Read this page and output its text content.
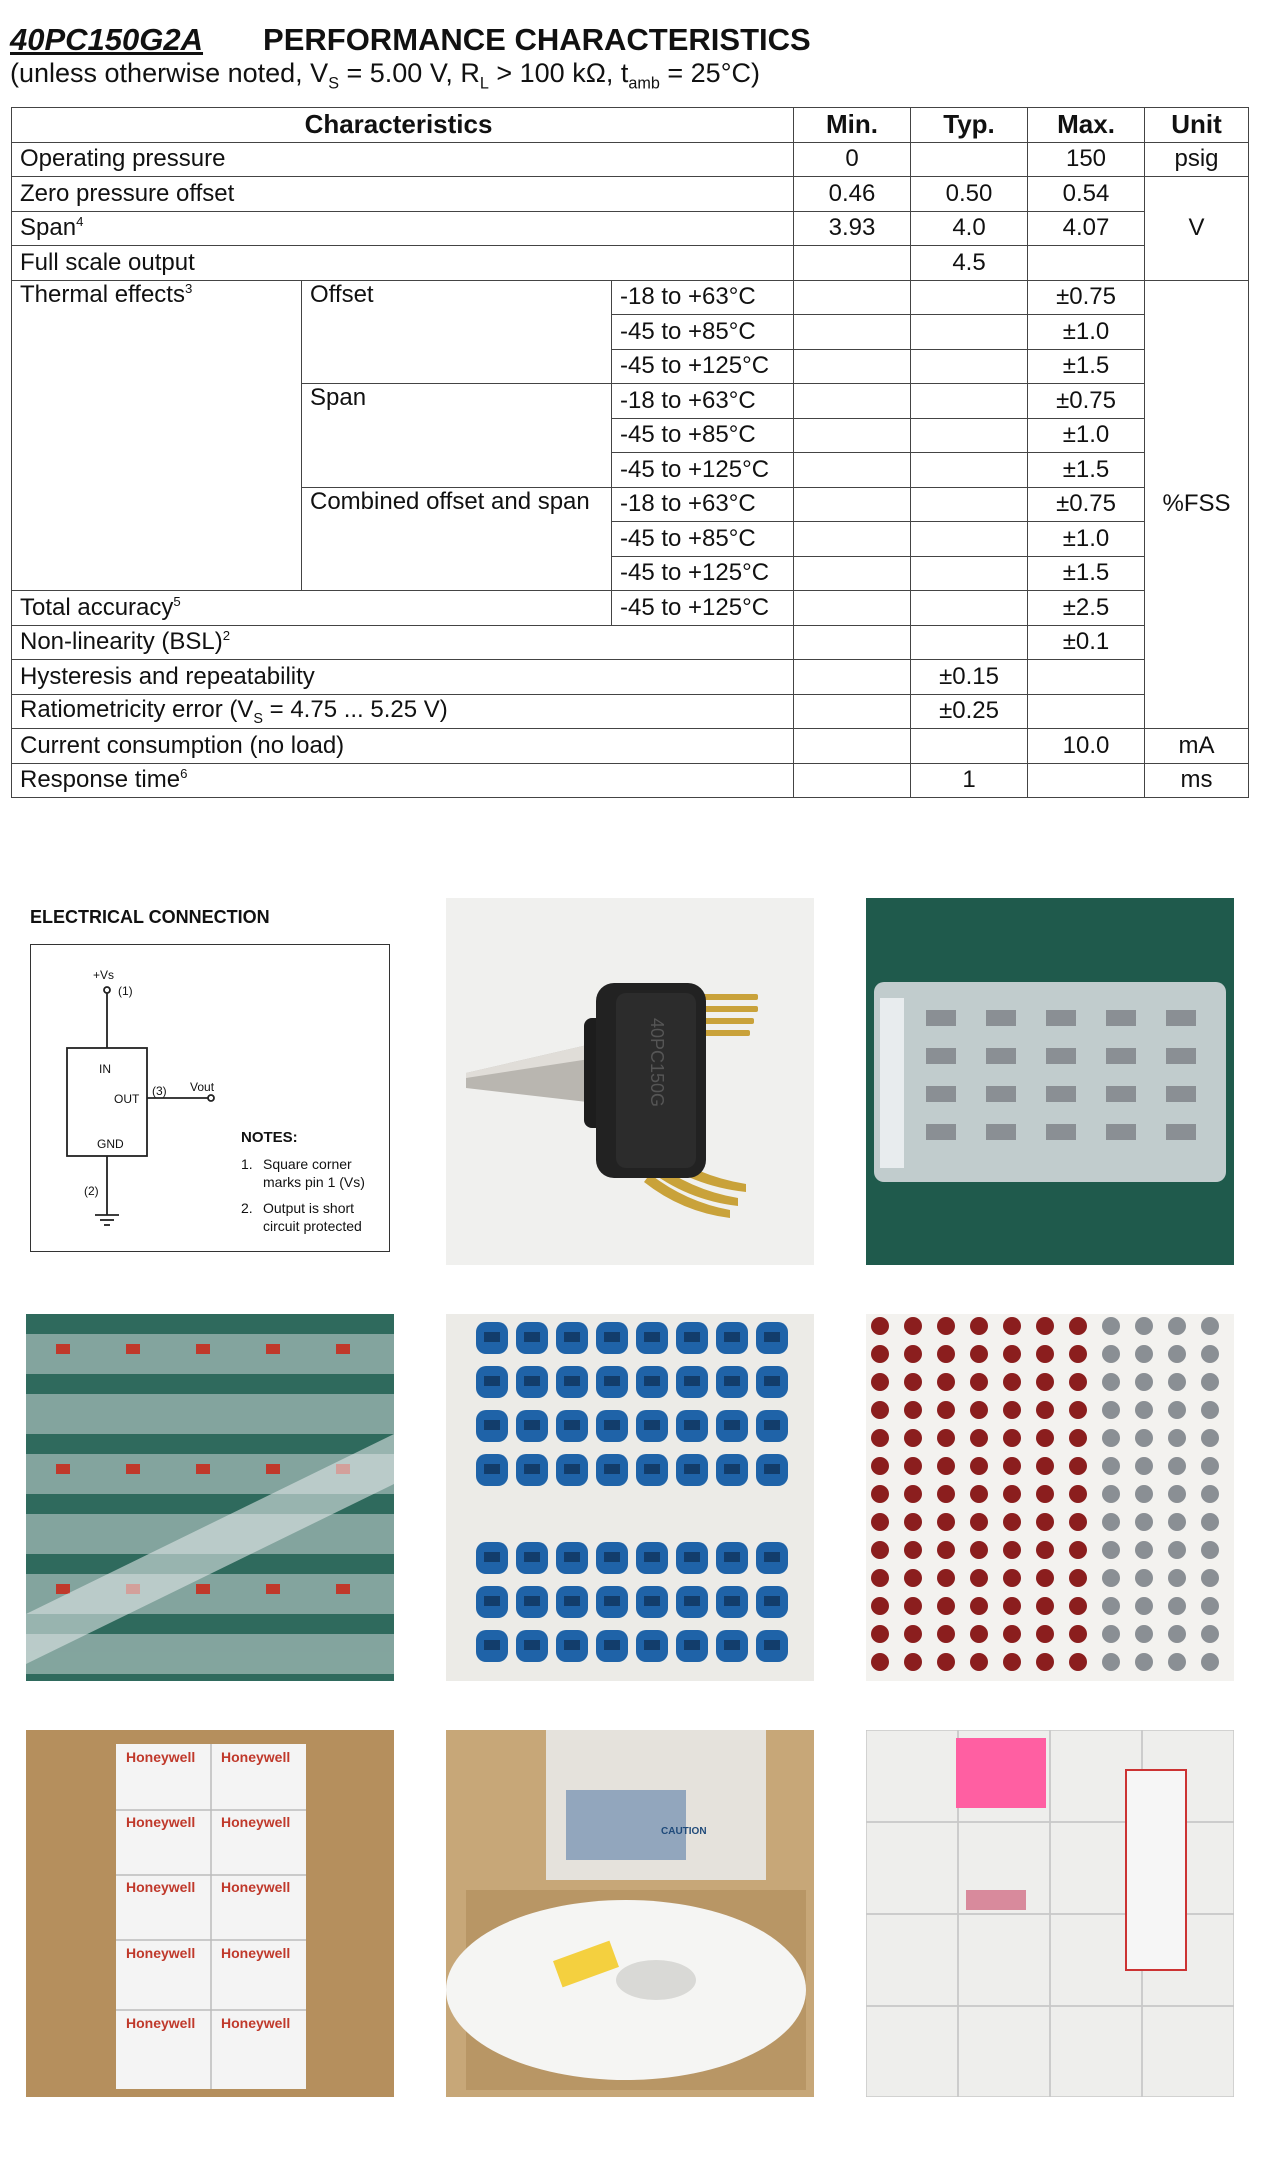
40PC150G2A PERFORMANCE CHARACTERISTICS
(unless otherwise noted, $V_S = 5.00$ V, $R_L > 100$ kΩ, $t_{amb} = 25^\circ C$)
Characteristics			Min.	Typ.	Max.	Unit
Operating pressure			0		150	psig
Zero pressure offset			0.46	0.50	0.54	V
Span$^4$			3.93	4.0	4.07	
Full scale output				4.5		
Thermal effects$^3$	Offset	-18 to +63°C			±0.75	%FSS
		-45 to +85°C			±1.0	
		-45 to +125°C			±1.5	
	Span	-18 to +63°C			±0.75	
		-45 to +85°C			±1.0	
		-45 to +125°C			±1.5	
	Combined offset and span	-18 to +63°C			±0.75	
		-45 to +85°C			±1.0	
		-45 to +125°C			±1.5	
Total accuracy$^5$		-45 to +125°C			±2.5	
Non-linearity (BSL)$^2$					±0.1	
Hysteresis and repeatability				±0.15		
Ratiometricity error ($V_S = 4.75$ ... 5.25 V)				±0.25		
Current consumption (no load)					10.0	mA
Response time$^6$				1		ms
ELECTRICAL CONNECTION
+Vs
(1)
IN
OUT
(3) Vout
GND
(2)
NOTES:
1. Square corner
marks pin 1 (Vs)
2. Output is short
circuit protected
40PC150G
Honeywell Honeywell
Honeywell Honeywell
Honeywell Honeywell
Honeywell Honeywell
Honeywell Honeywell
CAUTION
